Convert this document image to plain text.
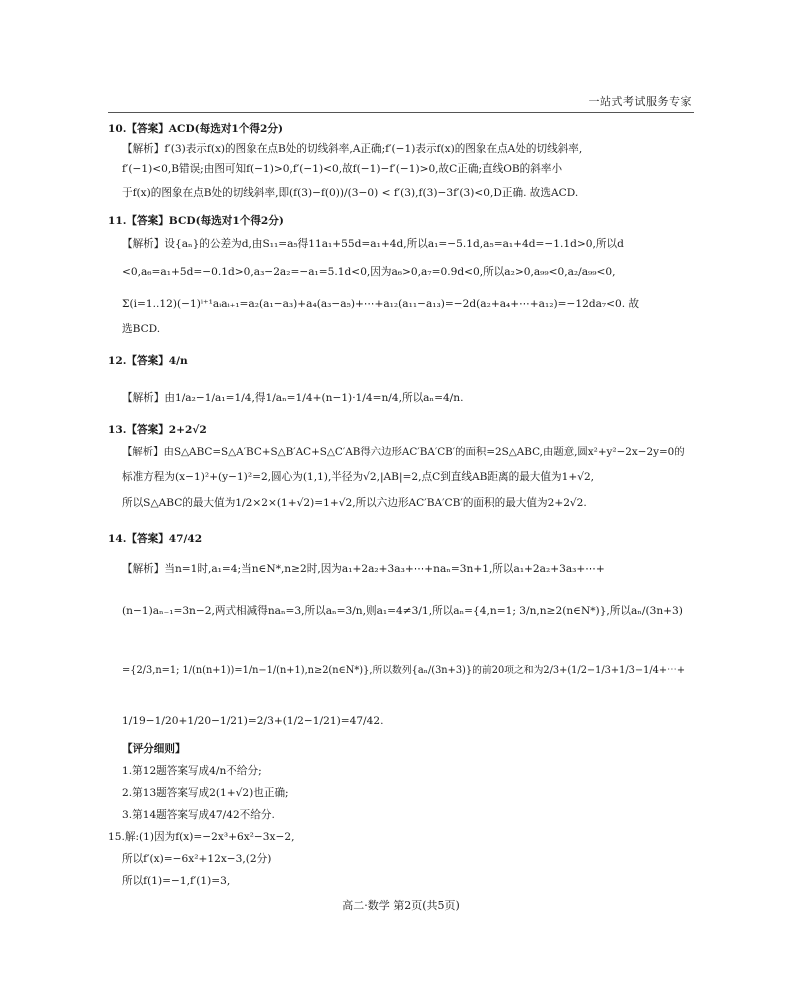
一站式考试服务专家
10.【答案】ACD(每选对1个得2分)
【解析】f′(3)表示f(x)的图象在点B处的切线斜率,A正确;f′(−1)表示f(x)的图象在点A处的切线斜率,
f′(−1)<0,B错误;由图可知f(−1)>0,f′(−1)<0,故f(−1)−f′(−1)>0,故C正确;直线OB的斜率小
于f(x)的图象在点B处的切线斜率,即(f(3)−f(0))/(3−0) < f′(3),f(3)−3f′(3)<0,D正确. 故选ACD.
11.【答案】BCD(每选对1个得2分)
【解析】设{aₙ}的公差为d,由S₁₁=a₅得11a₁+55d=a₁+4d,所以a₁=−5.1d,a₅=a₁+4d=−1.1d>0,所以d
<0,a₆=a₁+5d=−0.1d>0,a₃−2a₂=−a₁=5.1d<0,因为a₆>0,a₇=0.9d<0,所以a₂>0,a₉₉<0,a₂/a₉₉<0,
Σ(i=1..12)(−1)ⁱ⁺¹aᵢaᵢ₊₁=a₂(a₁−a₃)+a₄(a₃−a₅)+⋯+a₁₂(a₁₁−a₁₃)=−2d(a₂+a₄+⋯+a₁₂)=−12da₇<0. 故
选BCD.
12.【答案】4/n
【解析】由1/a₂−1/a₁=1/4,得1/aₙ=1/4+(n−1)·1/4=n/4,所以aₙ=4/n.
13.【答案】2+2√2
【解析】由S△ABC=S△A′BC+S△B′AC+S△C′AB得六边形AC′BA′CB′的面积=2S△ABC,由题意,圆x²+y²−2x−2y=0的
标准方程为(x−1)²+(y−1)²=2,圆心为(1,1),半径为√2,|AB|=2,点C到直线AB距离的最大值为1+√2,
所以S△ABC的最大值为1/2×2×(1+√2)=1+√2,所以六边形AC′BA′CB′的面积的最大值为2+2√2.
14.【答案】47/42
【解析】当n=1时,a₁=4;当n∈N*,n≥2时,因为a₁+2a₂+3a₃+⋯+naₙ=3n+1,所以a₁+2a₂+3a₃+⋯+
(n−1)aₙ₋₁=3n−2,两式相减得naₙ=3,所以aₙ=3/n,则a₁=4≠3/1,所以aₙ={4,n=1; 3/n,n≥2(n∈N*)},所以aₙ/(3n+3)
={2/3,n=1; 1/(n(n+1))=1/n−1/(n+1),n≥2(n∈N*)},所以数列{aₙ/(3n+3)}的前20项之和为2/3+(1/2−1/3+1/3−1/4+⋯+
1/19−1/20+1/20−1/21)=2/3+(1/2−1/21)=47/42.
【评分细则】
1.第12题答案写成4/n不给分;
2.第13题答案写成2(1+√2)也正确;
3.第14题答案写成47/42不给分.
15.解:(1)因为f(x)=−2x³+6x²−3x−2,
所以f′(x)=−6x²+12x−3,(2分)
所以f(1)=−1,f′(1)=3,
高二·数学 第2页(共5页)
